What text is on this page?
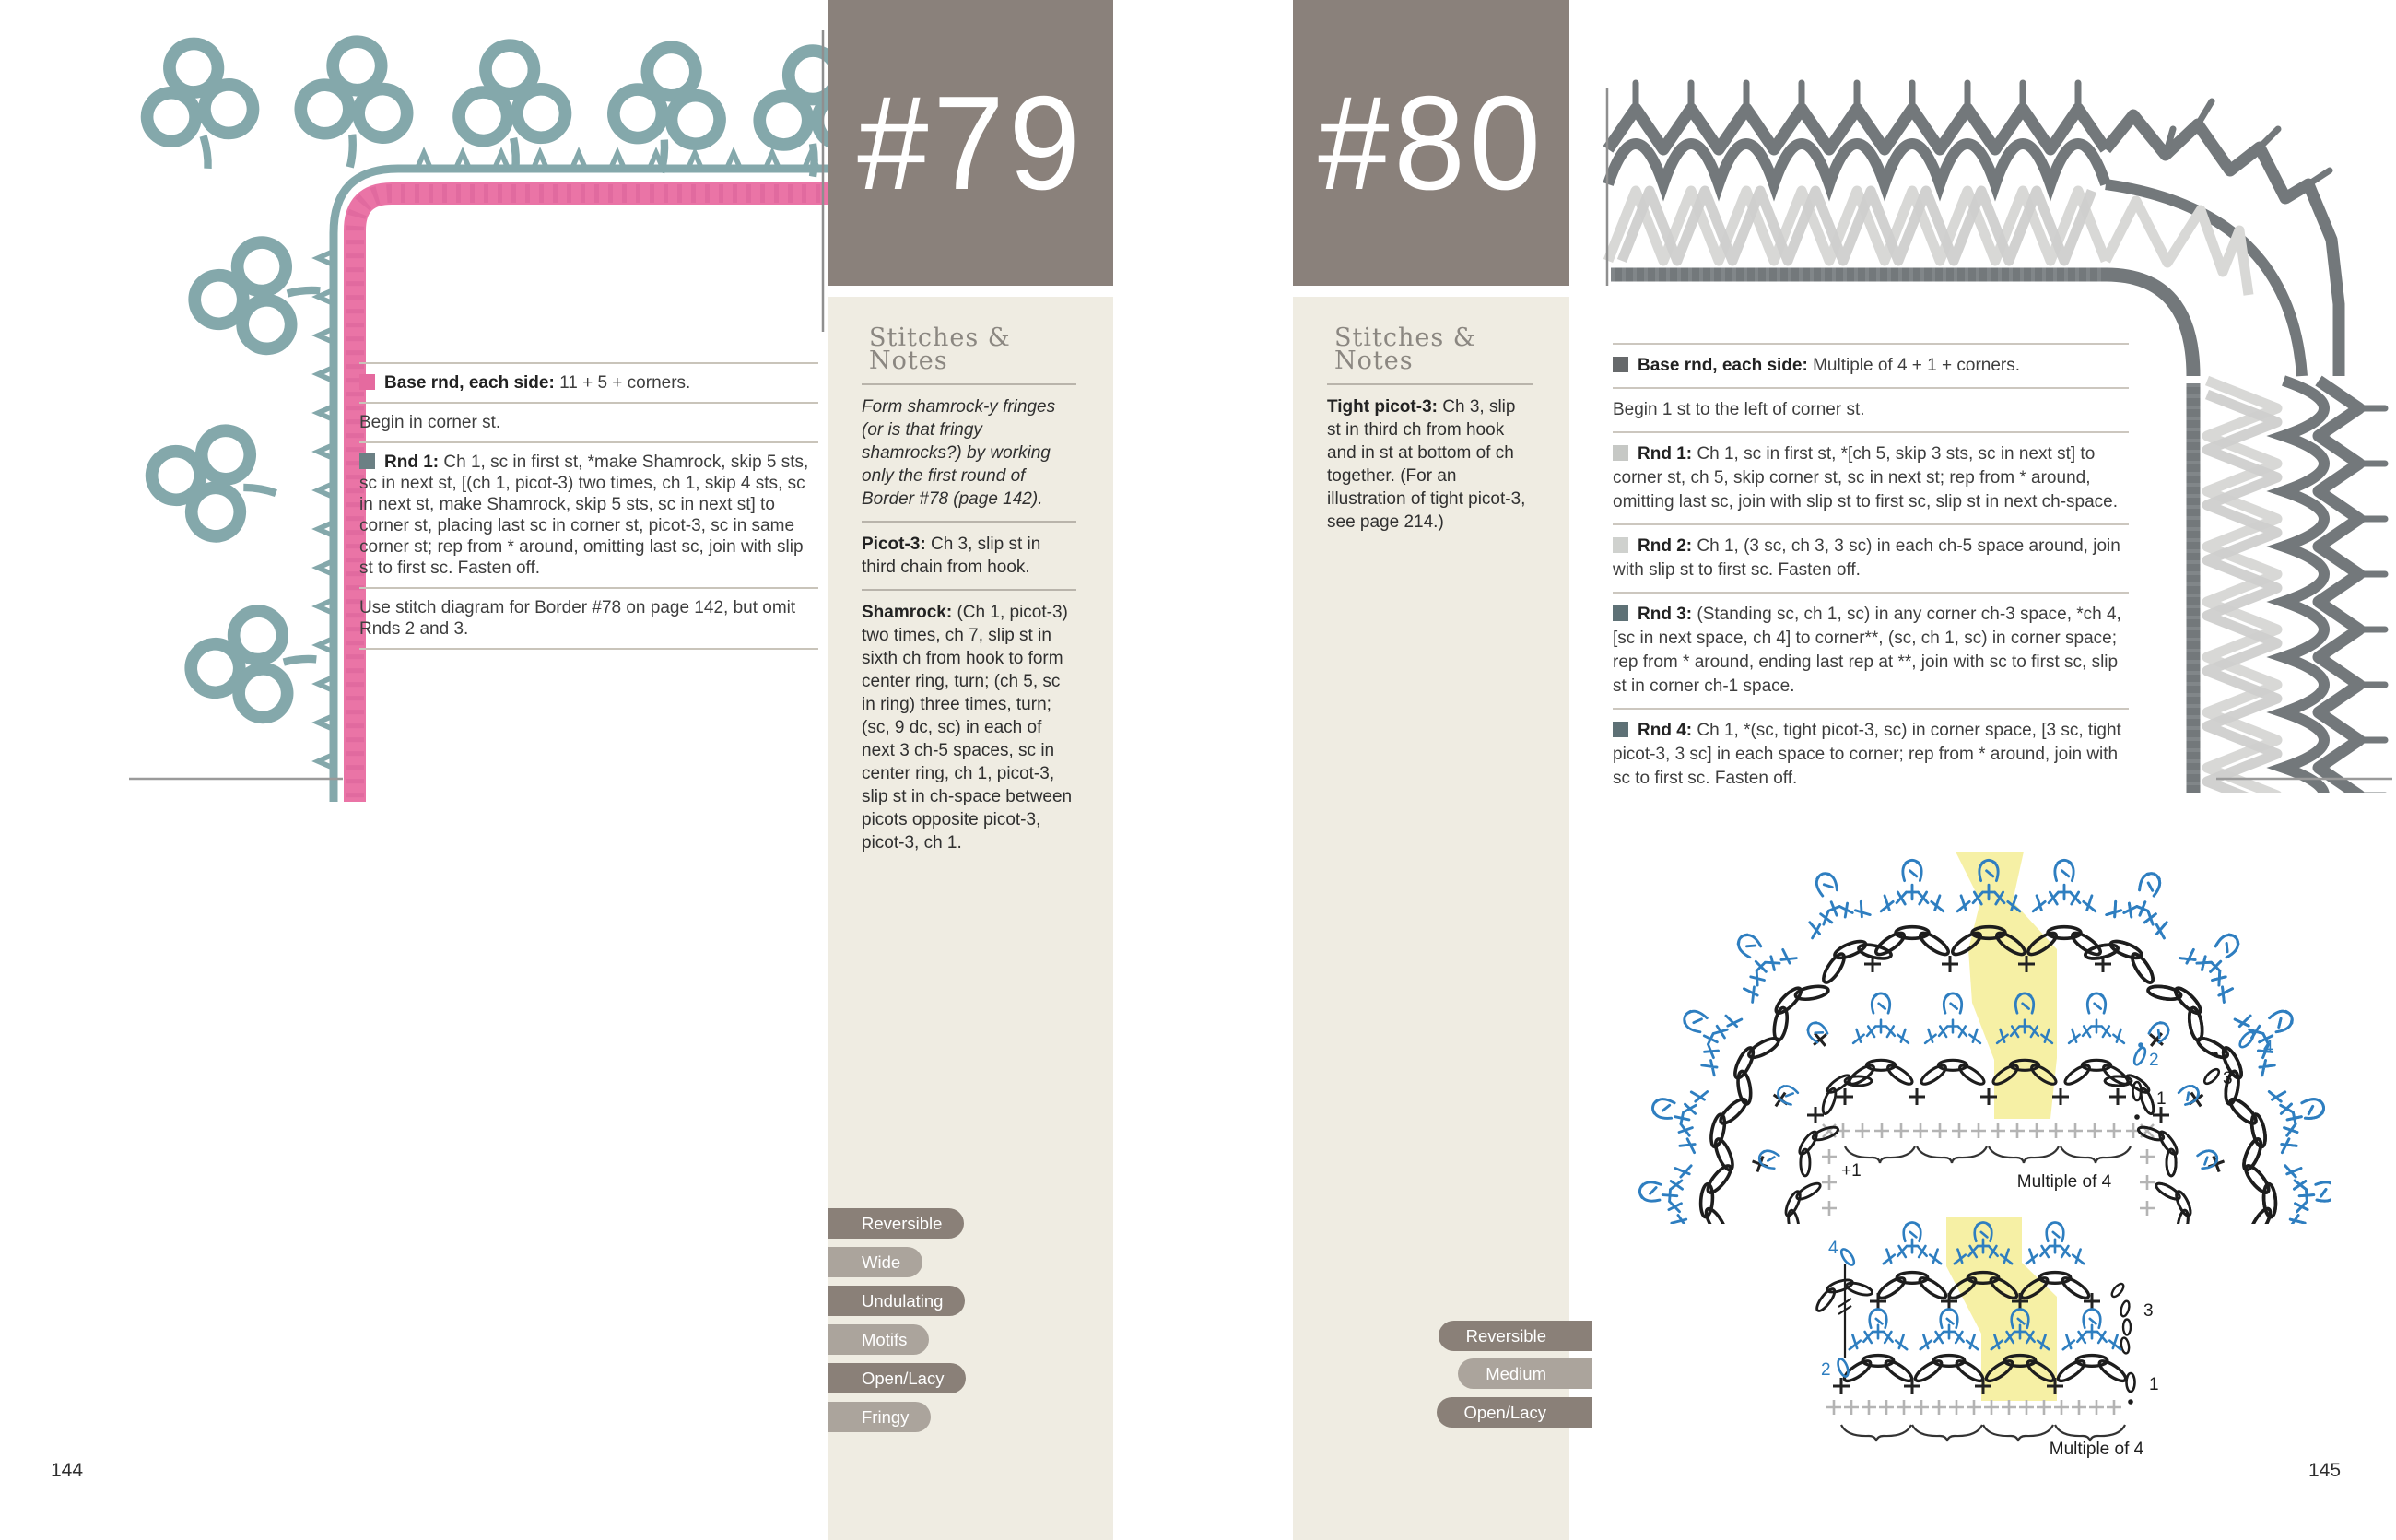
Base rnd, each side: 11 + 5 + corners.

Begin in corner st.

Rnd 1: Ch 1, sc in first st, *make Shamrock, skip 5 sts, sc in next st, [(ch 1, picot-3) two times, ch 1, skip 4 sts, sc in next st, make Shamrock, skip 5 sts, sc in next st] to corner st, placing last sc in corner st, picot-3, sc in same corner st; rep from * around, omitting last sc, join with slip st to first sc. Fasten off.

Use stitch diagram for Border #78 on page 142, but omit Rnds 2 and 3.

144
#79
Stitches & Notes

Form shamrock-y fringes (or is that fringy shamrocks?) by working only the first round of Border #78 (page 142).

Picot-3: Ch 3, slip st in third chain from hook.

Shamrock: (Ch 1, picot-3) two times, ch 7, slip st in sixth ch from hook to form center ring, turn; (ch 5, sc in ring) three times, turn; (sc, 9 dc, sc) in each of next 3 ch-5 spaces, sc in center ring, ch 1, picot-3, slip st in ch-space between picots opposite picot-3, picot-3, ch 1.

Reversible
Wide
Undulating
Motifs
Open/Lacy
Fringy
#80
Stitches & Notes

Tight picot-3: Ch 3, slip st in third ch from hook and in st at bottom of ch together. (For an illustration of tight picot-3, see page 214.)

Reversible
Medium
Open/Lacy

Base rnd, each side: Multiple of 4 + 1 + corners.

Begin 1 st to the left of corner st.

Rnd 1: Ch 1, sc in first st, *[ch 5, skip 3 sts, sc in next st] to corner st, ch 5, skip corner st, sc in next st; rep from * around, omitting last sc, join with slip st to first sc, slip st in next ch-space.

Rnd 2: Ch 1, (3 sc, ch 3, 3 sc) in each ch-5 space around, join with slip st to first sc. Fasten off.

Rnd 3: (Standing sc, ch 1, sc) in any corner ch-3 space, *ch 4, [sc in next space, ch 4] to corner**, (sc, ch 1, sc) in corner space; rep from * around, ending last rep at **, join with sc to first sc, slip st in corner ch-1 space.

Rnd 4: Ch 1, *(sc, tight picot-3, sc) in corner space, [3 sc, tight picot-3, 3 sc] in each space to corner; rep from * around, join with sc to first sc. Fasten off.

+1
Multiple of 4
1
2
3
4
4
2
3
1
Multiple of 4
145
